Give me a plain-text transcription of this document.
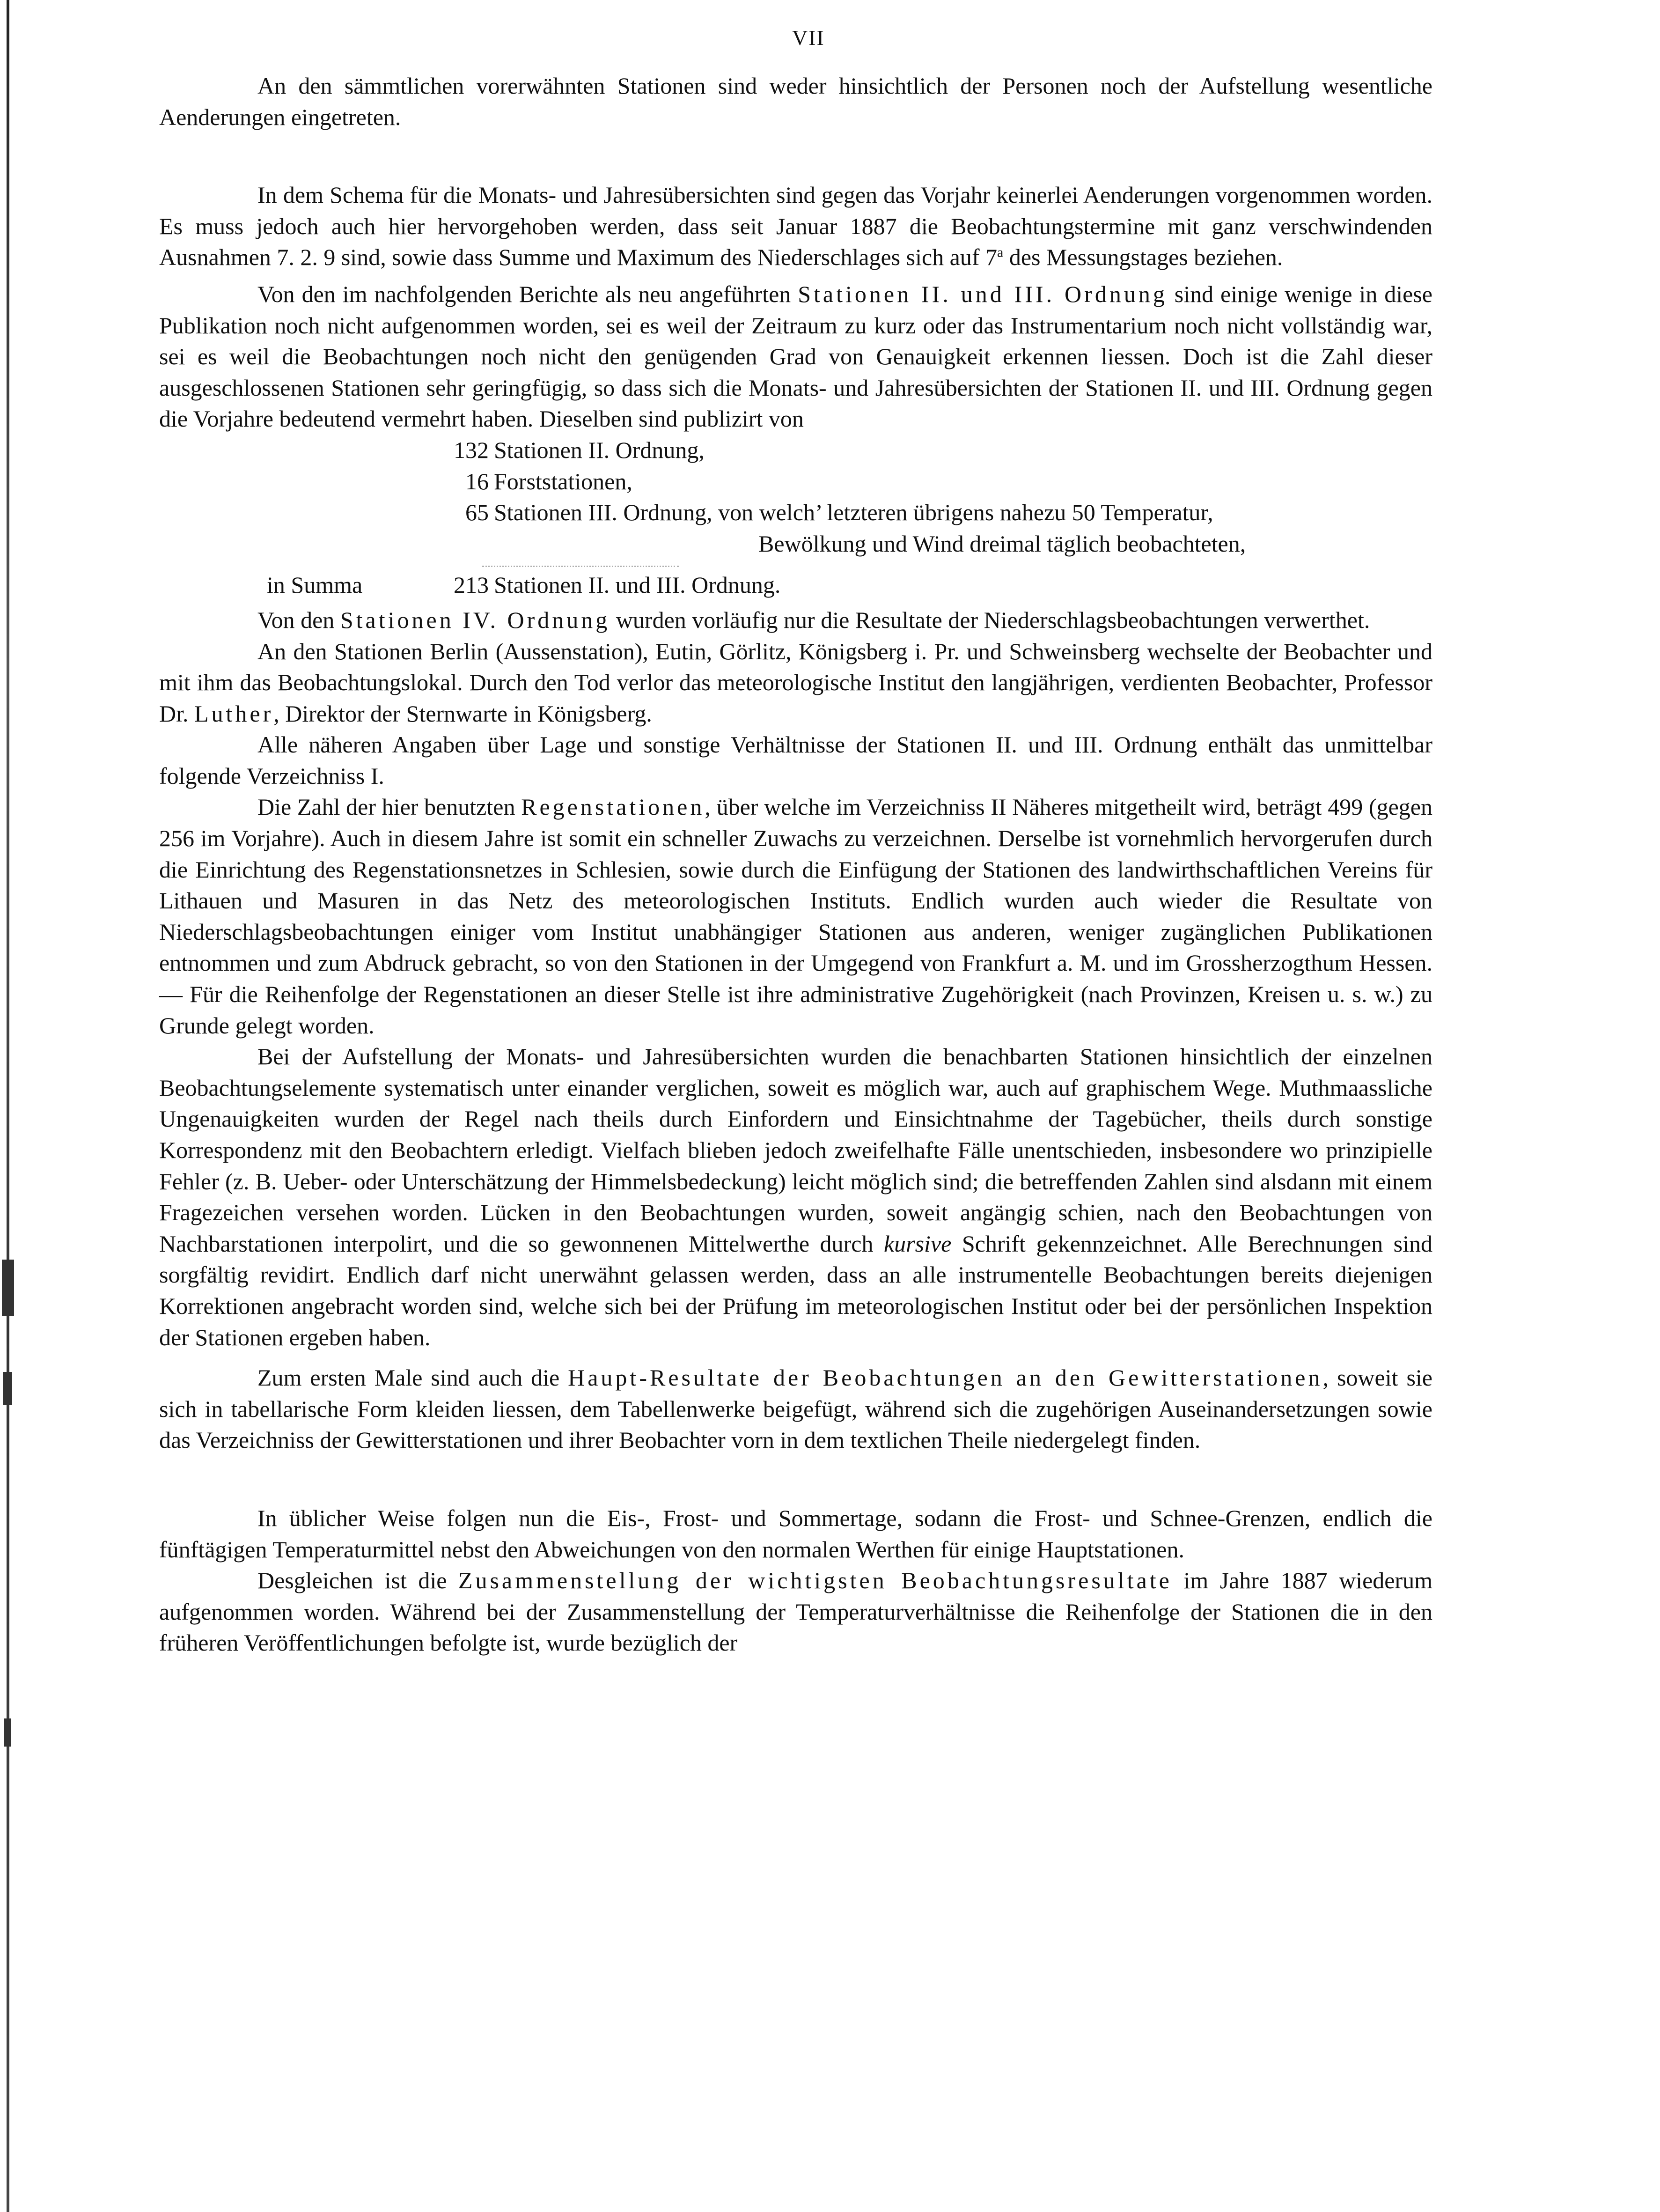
VII

An den sämmtlichen vorerwähnten Stationen sind weder hinsichtlich der Personen noch der Aufstellung wesentliche Aenderungen eingetreten.

In dem Schema für die Monats- und Jahresübersichten sind gegen das Vorjahr keinerlei Aenderungen vorgenommen worden. Es muss jedoch auch hier hervorgehoben werden, dass seit Januar 1887 die Beobachtungstermine mit ganz verschwindenden Ausnahmen 7. 2. 9 sind, sowie dass Summe und Maximum des Niederschlages sich auf 7$^a$ des Messungstages beziehen.

Von den im nachfolgenden Berichte als neu angeführten Stationen II. und III. Ordnung sind einige wenige in diese Publikation noch nicht aufgenommen worden, sei es weil der Zeitraum zu kurz oder das Instrumentarium noch nicht vollständig war, sei es weil die Beobachtungen noch nicht den genügenden Grad von Genauigkeit erkennen liessen. Doch ist die Zahl dieser ausgeschlossenen Stationen sehr geringfügig, so dass sich die Monats- und Jahresübersichten der Stationen II. und III. Ordnung gegen die Vorjahre bedeutend vermehrt haben. Dieselben sind publizirt von

132 Stationen II. Ordnung,
16 Forststationen,
65 Stationen III. Ordnung, von welch’ letzteren übrigens nahezu 50 Temperatur,
Bewölkung und Wind dreimal täglich beobachteten,
in Summa	213 Stationen II. und III. Ordnung.

Von den Stationen IV. Ordnung wurden vorläufig nur die Resultate der Niederschlagsbeobachtungen verwerthet.

An den Stationen Berlin (Aussenstation), Eutin, Görlitz, Königsberg i. Pr. und Schweinsberg wechselte der Beobachter und mit ihm das Beobachtungslokal. Durch den Tod verlor das meteorologische Institut den langjährigen, verdienten Beobachter, Professor Dr. Luther, Direktor der Sternwarte in Königsberg.

Alle näheren Angaben über Lage und sonstige Verhältnisse der Stationen II. und III. Ordnung enthält das unmittelbar folgende Verzeichniss I.

Die Zahl der hier benutzten Regenstationen, über welche im Verzeichniss II Näheres mitgetheilt wird, beträgt 499 (gegen 256 im Vorjahre). Auch in diesem Jahre ist somit ein schneller Zuwachs zu verzeichnen. Derselbe ist vornehmlich hervorgerufen durch die Einrichtung des Regenstationsnetzes in Schlesien, sowie durch die Einfügung der Stationen des landwirthschaftlichen Vereins für Lithauen und Masuren in das Netz des meteorologischen Instituts. Endlich wurden auch wieder die Resultate von Niederschlagsbeobachtungen einiger vom Institut unabhängiger Stationen aus anderen, weniger zugänglichen Publikationen entnommen und zum Abdruck gebracht, so von den Stationen in der Umgegend von Frankfurt a. M. und im Grossherzogthum Hessen. — Für die Reihenfolge der Regenstationen an dieser Stelle ist ihre administrative Zugehörigkeit (nach Provinzen, Kreisen u. s. w.) zu Grunde gelegt worden.

Bei der Aufstellung der Monats- und Jahresübersichten wurden die benachbarten Stationen hinsichtlich der einzelnen Beobachtungselemente systematisch unter einander verglichen, soweit es möglich war, auch auf graphischem Wege. Muthmaassliche Ungenauigkeiten wurden der Regel nach theils durch Einfordern und Einsichtnahme der Tagebücher, theils durch sonstige Korrespondenz mit den Beobachtern erledigt. Vielfach blieben jedoch zweifelhafte Fälle unentschieden, insbesondere wo prinzipielle Fehler (z. B. Ueber- oder Unterschätzung der Himmelsbedeckung) leicht möglich sind; die betreffenden Zahlen sind alsdann mit einem Fragezeichen versehen worden. Lücken in den Beobachtungen wurden, soweit angängig schien, nach den Beobachtungen von Nachbarstationen interpolirt, und die so gewonnenen Mittelwerthe durch kursive Schrift gekennzeichnet. Alle Berechnungen sind sorgfältig revidirt. Endlich darf nicht unerwähnt gelassen werden, dass an alle instrumentelle Beobachtungen bereits diejenigen Korrektionen angebracht worden sind, welche sich bei der Prüfung im meteorologischen Institut oder bei der persönlichen Inspektion der Stationen ergeben haben.

Zum ersten Male sind auch die Haupt-Resultate der Beobachtungen an den Gewitterstationen, soweit sie sich in tabellarische Form kleiden liessen, dem Tabellenwerke beigefügt, während sich die zugehörigen Auseinandersetzungen sowie das Verzeichniss der Gewitterstationen und ihrer Beobachter vorn in dem textlichen Theile niedergelegt finden.

In üblicher Weise folgen nun die Eis-, Frost- und Sommertage, sodann die Frost- und Schnee-Grenzen, endlich die fünftägigen Temperaturmittel nebst den Abweichungen von den normalen Werthen für einige Hauptstationen.

Desgleichen ist die Zusammenstellung der wichtigsten Beobachtungsresultate im Jahre 1887 wiederum aufgenommen worden. Während bei der Zusammenstellung der Temperaturverhältnisse die Reihenfolge der Stationen die in den früheren Veröffentlichungen befolgte ist, wurde bezüglich der
